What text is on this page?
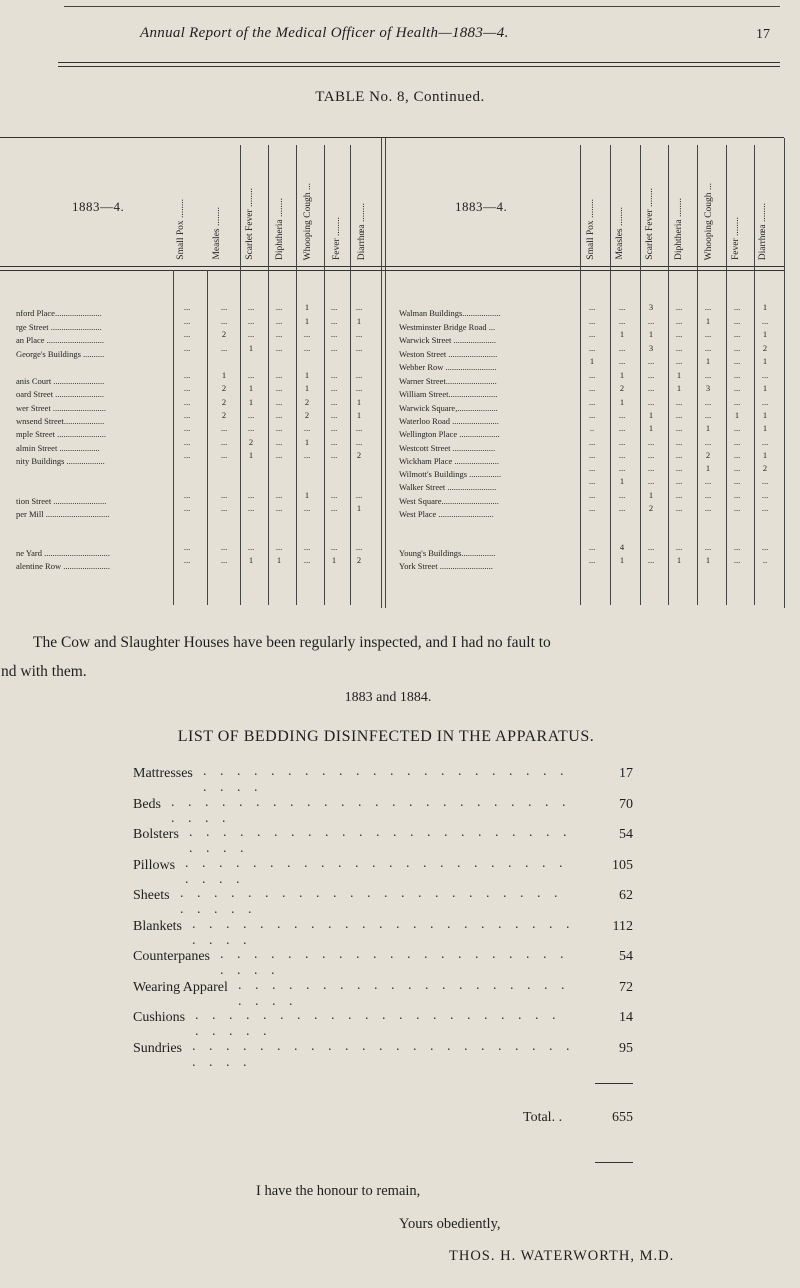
Annual Report of the Medical Officer of Health—1883—4.	17
TABLE No. 8, Continued.
1883—4.	1883—4.
Small Pox ........	Measles ........ Scarlet Fever ........ Diphtheria ........ Whooping Cough ... Fever ........ Diarrhœa ........	Small Pox ........ Measles ........ Scarlet Fever ........ Diphtheria ........ Whooping Cough ... Fever ........ Diarrhœa ........
nford Place......................
...	...	...	...	1	...	...
rge Street ........................
...	...	...	...	1	...	1
an Place ...........................
...	2	...	...	...	...	...
George's Buildings ..........
...	...	1	...	...	...	...
anis Court ........................
...	1	...	...	1	...	...
oard Street .......................
...	2	1	...	1	...	...
wer Street .........................
...	2	1	...	2	...	1
wnsend Street...................
...	2	...	...	2	...	1
mple Street .......................
...	...	...	...	...	...	...
almin Street ...................
...	...	2	...	1	...	...
nity Buildings ..................
...	...	1	...	...	...	2
tion Street .........................
...	...	...	...	1	...	...
per Mill ..............................
...	...	...	...	...	...	1
ne Yard ...............................
...	...	...	...	...	...	...
alentine Row ......................
...	...	1	1	...	1	2
Walman Buildings..................
...	...	3	...	...	...	1
Westminster Bridge Road ...
...	...	...	...	1	...	...
Warwick Street ....................
...	1	1	...	...	...	1
Weston Street .......................
...	...	3	...	...	...	2
Webber Row ........................
1	...	...	...	1	...	1
Warner Street........................
...	1	...	1	...	...	...
William Street.......................
...	2	...	1	3	...	1
Warwick Square,...................
...	1	...	...	...	...	...
Waterloo Road ......................
...	...	1	...	...	1	1
Wellington Place ...................
..	...	1	...	1	...	1
Westcott Street ....................
...	...	...	...	...	...	...
Wickham Place .....................
...	...	...	...	2	...	1
Wilmott's Buildings ...............
...	...	...	...	1	...	2
Walker Street .......................
...	1	...	...	...	...	...
West Square...........................
...	...	1	...	...	...	...
West Place ..........................
...	...	2	...	...	...	...
Young's Buildings................
...	4	...	...	...	...	...
York Street .........................
...	1	...	1	1	...	..
The Cow and Slaughter Houses have been regularly inspected, and I had no fault to
nd with them.
1883 and 1884.
LIST OF BEDDING DISINFECTED IN THE APPARATUS.
Mattresses . . . . . . . . . . . . . . . . . . . . . . . . . .
17
Beds . . . . . . . . . . . . . . . . . . . . . . . . . . . .
70
Bolsters . . . . . . . . . . . . . . . . . . . . . . . . . . .
54
Pillows . . . . . . . . . . . . . . . . . . . . . . . . . . .
105
Sheets . . . . . . . . . . . . . . . . . . . . . . . . . . . .
62
Blankets . . . . . . . . . . . . . . . . . . . . . . . . . . .
112
Counterpanes . . . . . . . . . . . . . . . . . . . . . . . . .
54
Wearing Apparel . . . . . . . . . . . . . . . . . . . . . . . .
72
Cushions . . . . . . . . . . . . . . . . . . . . . . . . . . .
14
Sundries . . . . . . . . . . . . . . . . . . . . . . . . . . .
95
Total. .	655
I have the honour to remain,
Yours obediently,
THOS. H. WATERWORTH, M.D.
